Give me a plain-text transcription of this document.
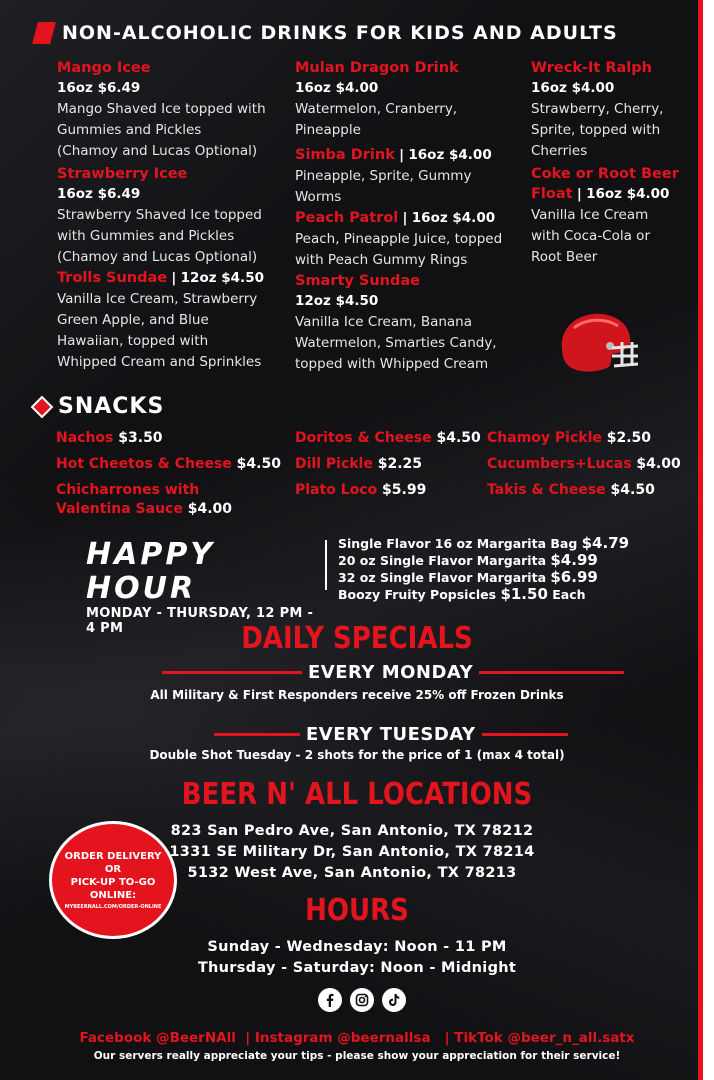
NON-ALCOHOLIC DRINKS FOR KIDS AND ADULTS
Mango Icee
16oz $6.49
Mango Shaved Ice topped with
Gummies and Pickles
(Chamoy and Lucas Optional)
Strawberry Icee
16oz $6.49
Strawberry Shaved Ice topped
with Gummies and Pickles
(Chamoy and Lucas Optional)
Trolls Sundae | 12oz $4.50
Vanilla Ice Cream, Strawberry
Green Apple, and Blue
Hawaiian, topped with
Whipped Cream and Sprinkles
Mulan Dragon Drink
16oz $4.00
Watermelon, Cranberry,
Pineapple
Simba Drink | 16oz $4.00
Pineapple, Sprite, Gummy
Worms
Peach Patrol | 16oz $4.00
Peach, Pineapple Juice, topped
with Peach Gummy Rings
Smarty Sundae
12oz $4.50
Vanilla Ice Cream, Banana
Watermelon, Smarties Candy,
topped with Whipped Cream
Wreck-It Ralph
16oz $4.00
Strawberry, Cherry,
Sprite, topped with
Cherries
Coke or Root Beer
Float | 16oz $4.00
Vanilla Ice Cream
with Coca-Cola or
Root Beer
SNACKS
Nachos $3.50
Hot Cheetos & Cheese $4.50
Chicharrones with
Valentina Sauce $4.00
Doritos & Cheese $4.50
Dill Pickle $2.25
Plato Loco $5.99
Chamoy Pickle $2.50
Cucumbers+Lucas $4.00
Takis & Cheese $4.50
HAPPY HOUR
MONDAY - THURSDAY, 12 PM - 4 PM
Single Flavor 16 oz Margarita Bag $4.79
20 oz Single Flavor Margarita $4.99
32 oz Single Flavor Margarita $6.99
Boozy Fruity Popsicles $1.50 Each
DAILY SPECIALS
EVERY MONDAY
All Military & First Responders receive 25% off Frozen Drinks
EVERY TUESDAY
Double Shot Tuesday - 2 shots for the price of 1 (max 4 total)
BEER N' ALL LOCATIONS
823 San Pedro Ave, San Antonio, TX 78212
1331 SE Military Dr, San Antonio, TX 78214
5132 West Ave, San Antonio, TX 78213
ORDER DELIVERY OR
PICK-UP TO-GO ONLINE:
MYBEERNALL.COM/ORDER-ONLINE	HOURS
Sunday - Wednesday: Noon - 11 PM
Thursday - Saturday: Noon - Midnight
Facebook @BeerNAll  | Instagram @beernallsa   | TikTok @beer_n_all.satx
Our servers really appreciate your tips - please show your appreciation for their service!
